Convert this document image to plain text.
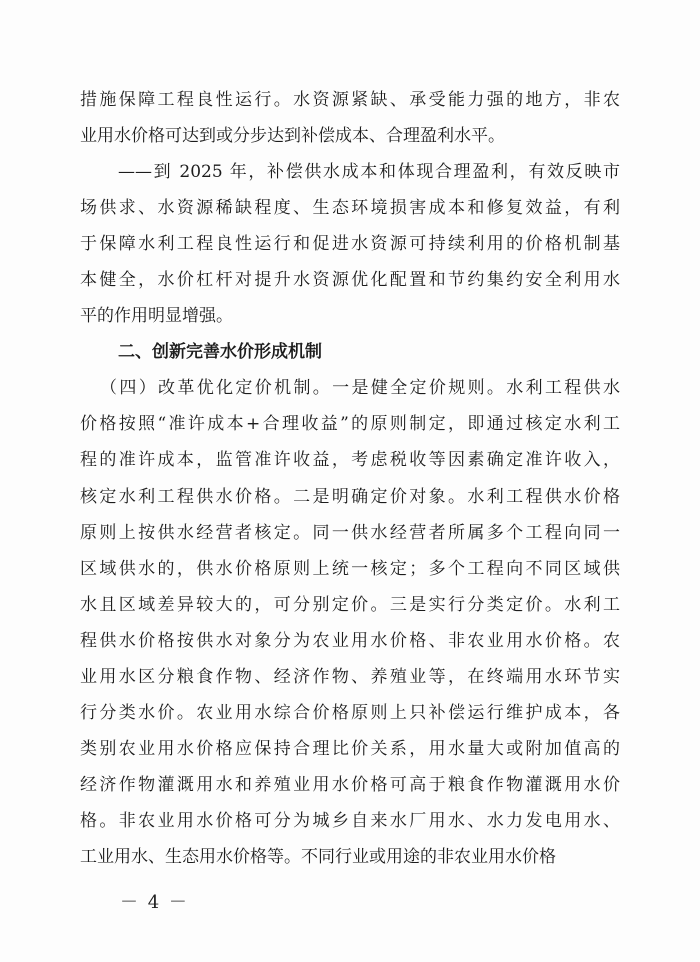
措施保障工程良性运行。水资源紧缺、承受能力强的地方，非农
业用水价格可达到或分步达到补偿成本、合理盈利水平。
——到 2025 年，补偿供水成本和体现合理盈利，有效反映市
场供求、水资源稀缺程度、生态环境损害成本和修复效益，有利
于保障水利工程良性运行和促进水资源可持续利用的价格机制基
本健全，水价杠杆对提升水资源优化配置和节约集约安全利用水
平的作用明显增强。
二、创新完善水价形成机制
（四）改革优化定价机制。一是健全定价规则。水利工程供水
价格按照“准许成本+合理收益”的原则制定，即通过核定水利工
程的准许成本，监管准许收益，考虑税收等因素确定准许收入，
核定水利工程供水价格。二是明确定价对象。水利工程供水价格
原则上按供水经营者核定。同一供水经营者所属多个工程向同一
区域供水的，供水价格原则上统一核定；多个工程向不同区域供
水且区域差异较大的，可分别定价。三是实行分类定价。水利工
程供水价格按供水对象分为农业用水价格、非农业用水价格。农
业用水区分粮食作物、经济作物、养殖业等，在终端用水环节实
行分类水价。农业用水综合价格原则上只补偿运行维护成本，各
类别农业用水价格应保持合理比价关系，用水量大或附加值高的
经济作物灌溉用水和养殖业用水价格可高于粮食作物灌溉用水价
格。非农业用水价格可分为城乡自来水厂用水、水力发电用水、
工业用水、生态用水价格等。不同行业或用途的非农业用水价格
－ 4 －
